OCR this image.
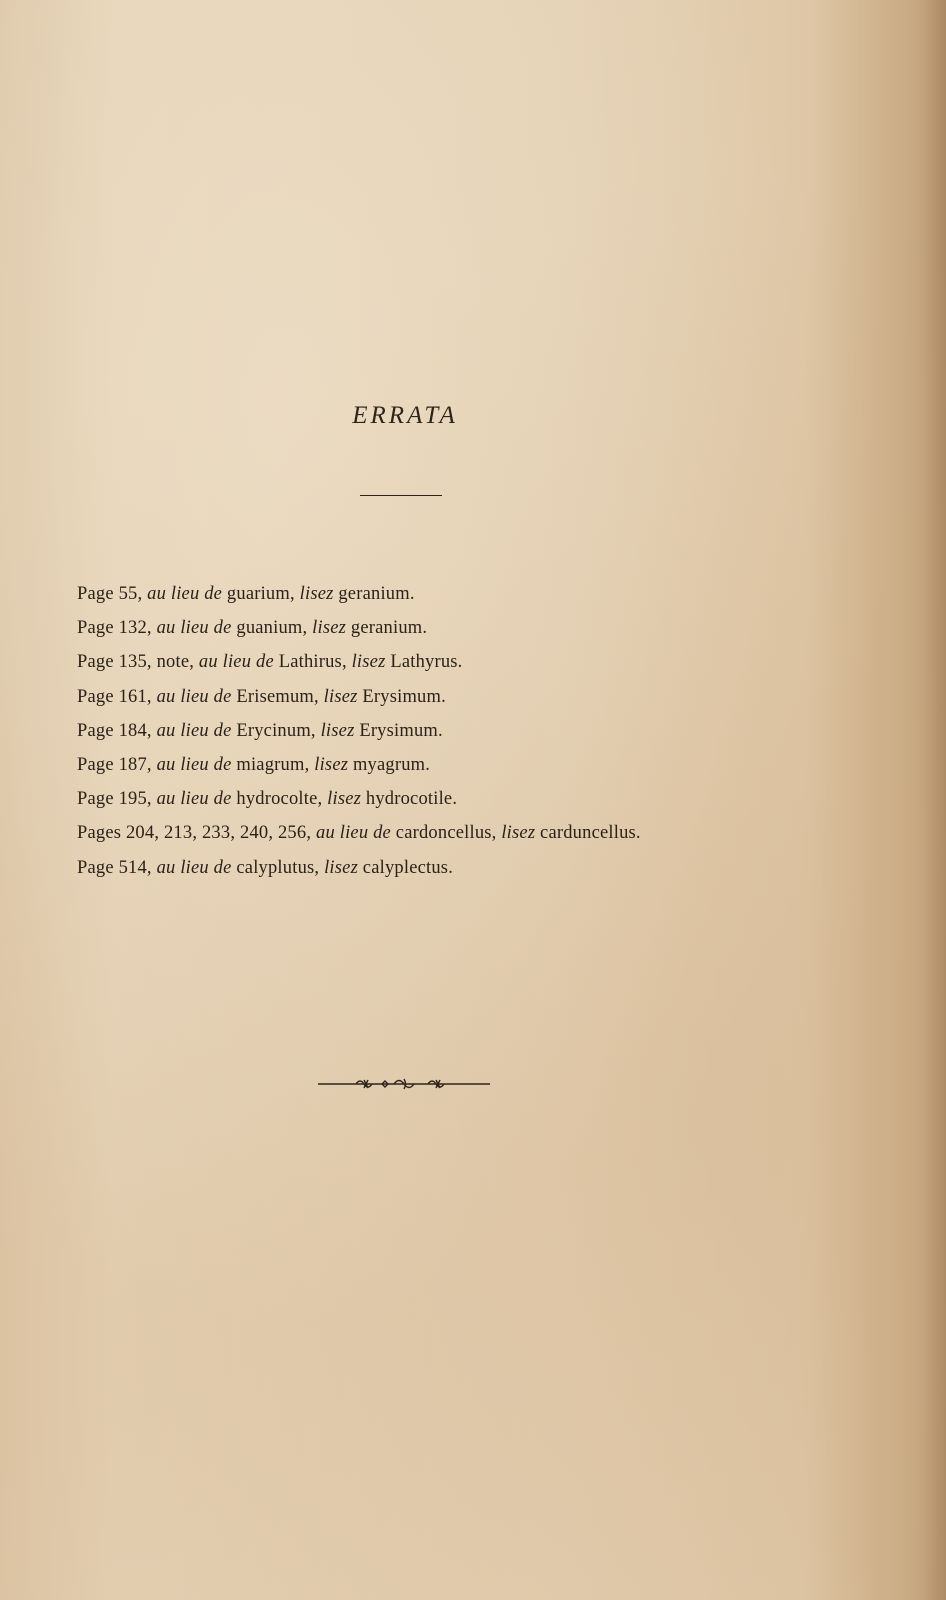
ERRATA
Page 55, au lieu de guarium, lisez geranium.
Page 132, au lieu de guanium, lisez geranium.
Page 135, note, au lieu de Lathirus, lisez Lathyrus.
Page 161, au lieu de Erisemum, lisez Erysimum.
Page 184, au lieu de Erycinum, lisez Erysimum.
Page 187, au lieu de miagrum, lisez myagrum.
Page 195, au lieu de hydrocolte, lisez hydrocotile.
Pages 204, 213, 233, 240, 256, au lieu de cardoncellus, lisez carduncellus.
Page 514, au lieu de calyplutus, lisez calyplectus.
